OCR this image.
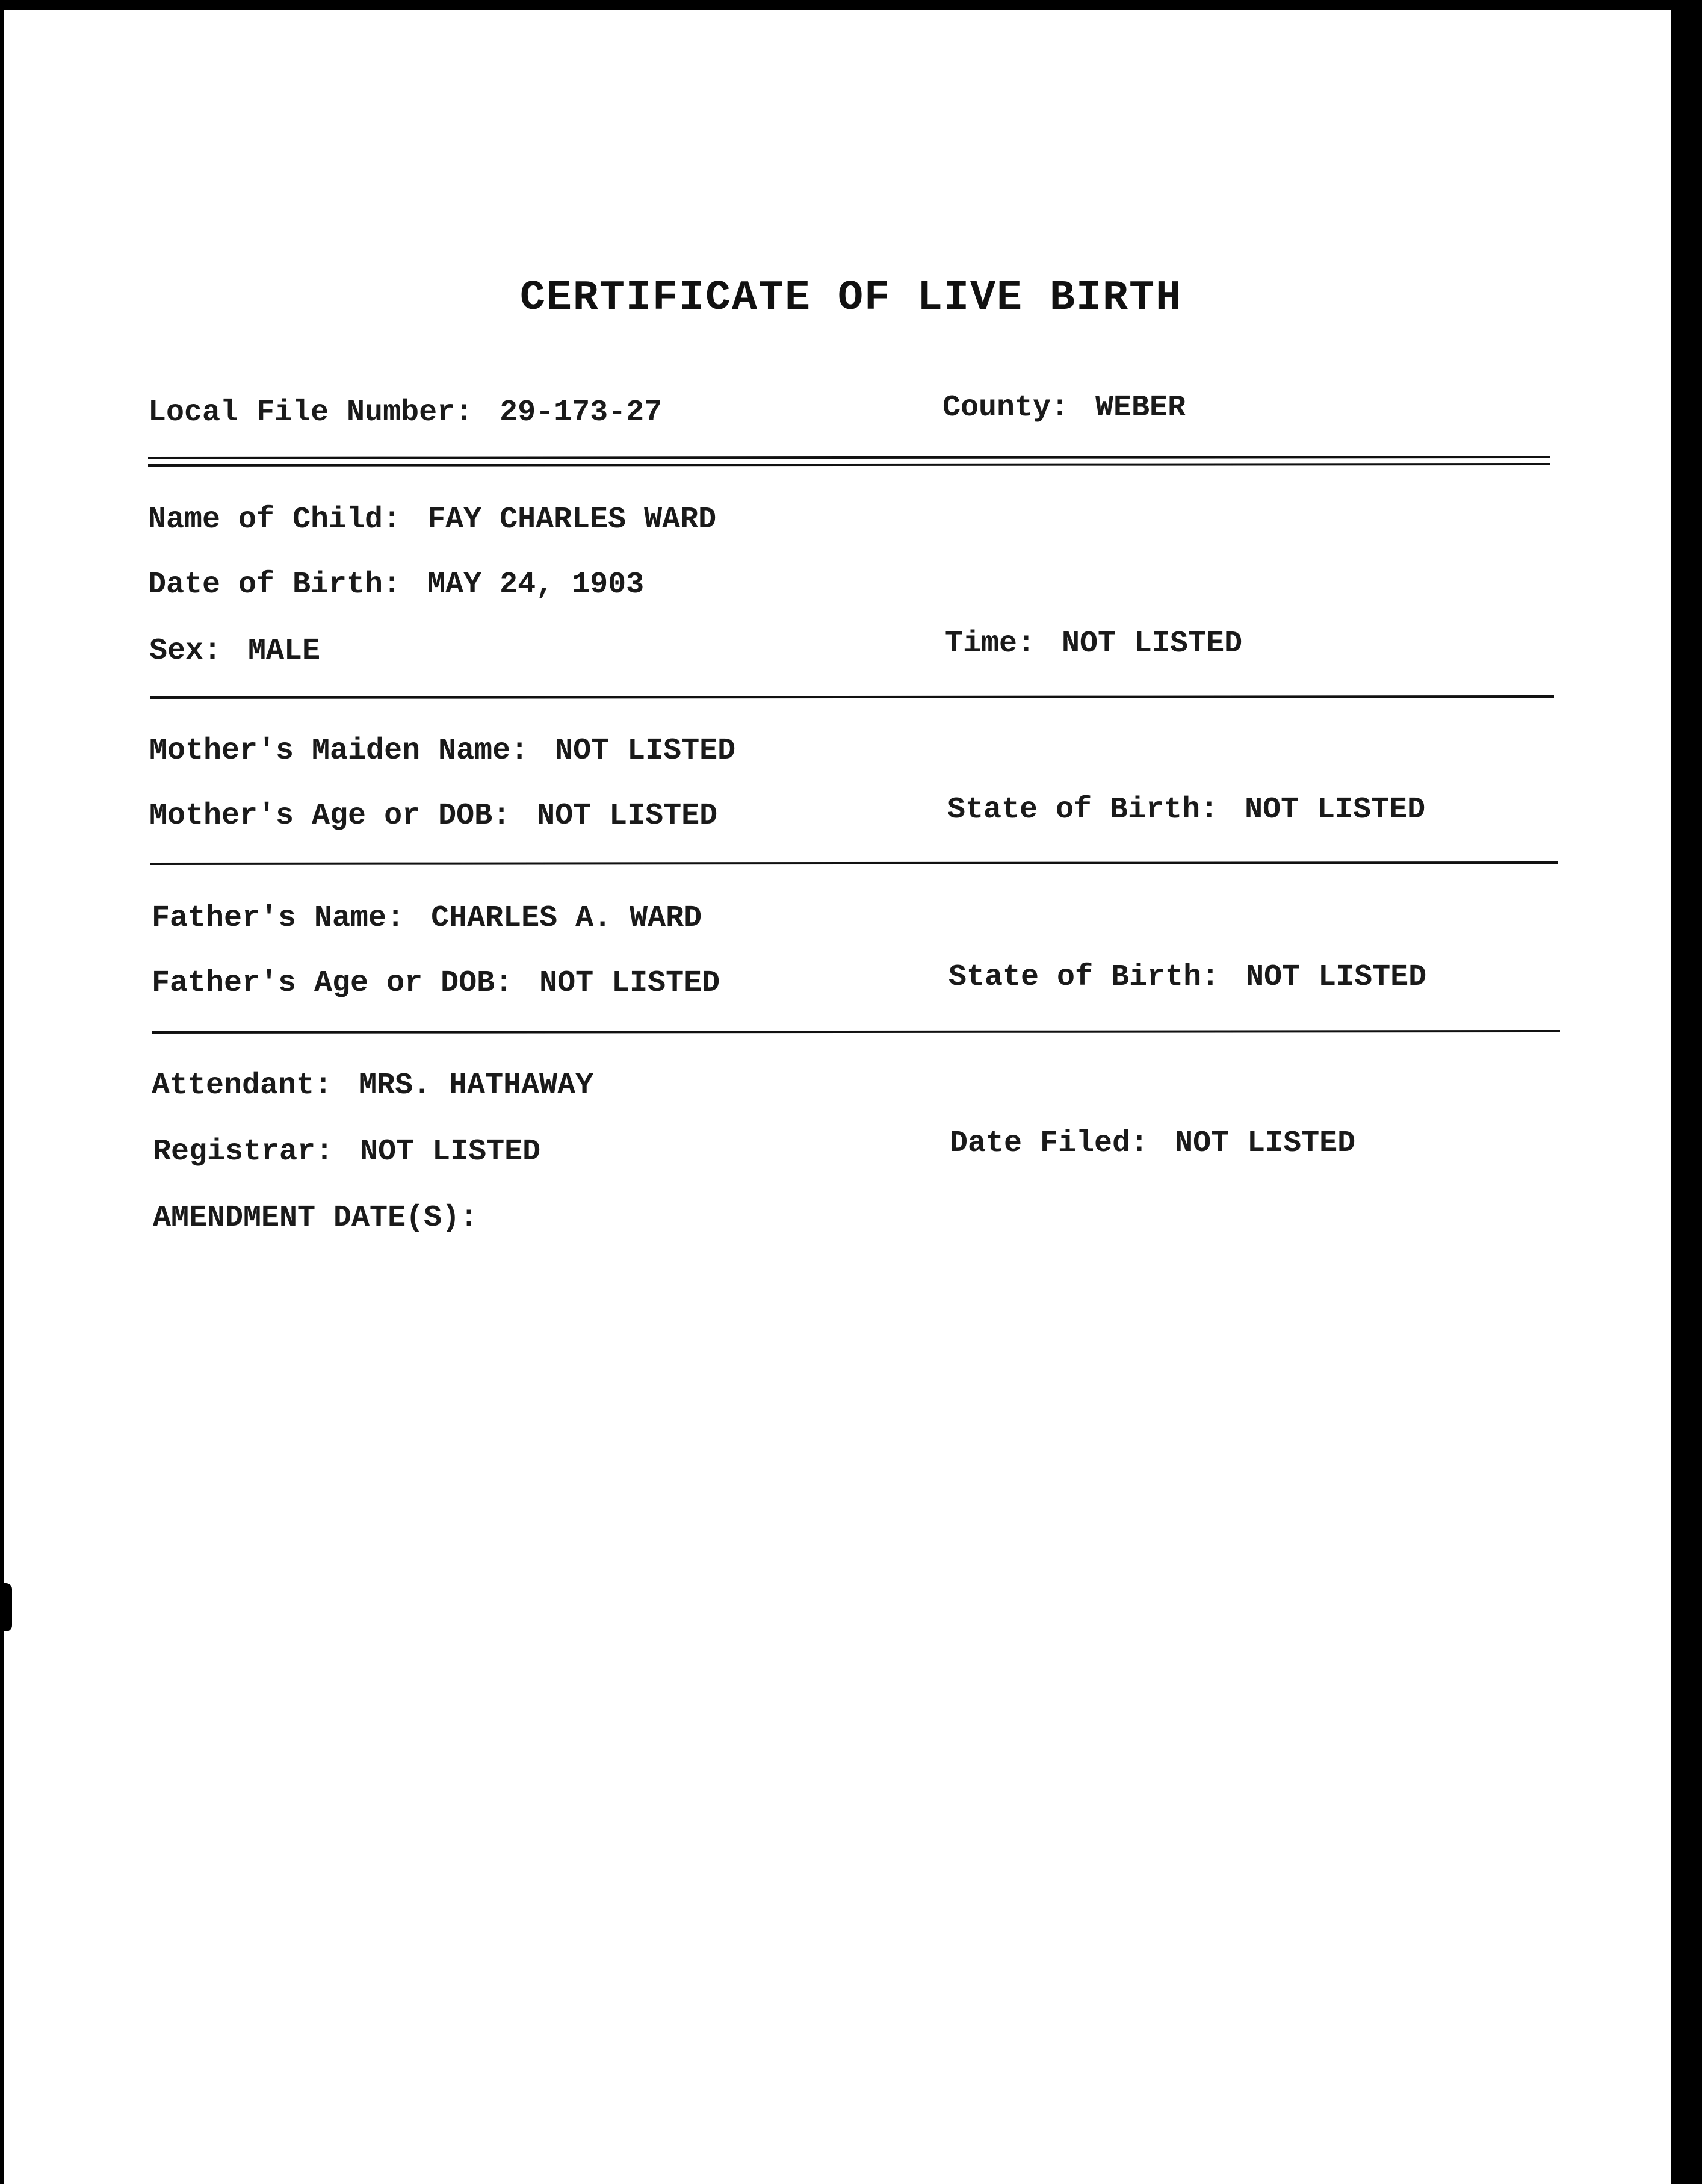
CERTIFICATE OF LIVE BIRTH
Local File Number: 29-173-27	County: WEBER
Name of Child: FAY CHARLES WARD
Date of Birth: MAY 24, 1903
Sex: MALE	Time: NOT LISTED
Mother's Maiden Name: NOT LISTED
Mother's Age or DOB: NOT LISTED	State of Birth: NOT LISTED
Father's Name: CHARLES A. WARD
Father's Age or DOB: NOT LISTED	State of Birth: NOT LISTED
Attendant: MRS. HATHAWAY
Registrar: NOT LISTED	Date Filed: NOT LISTED
AMENDMENT DATE(S):
